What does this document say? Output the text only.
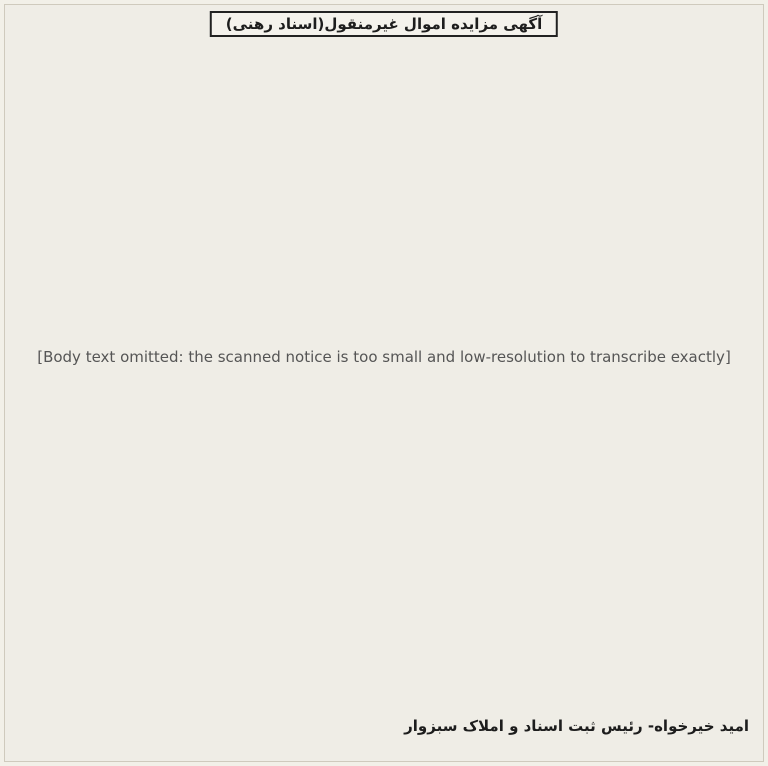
آگهی مزایده اموال غیرمنقول(اسناد رهنی)
[Body text omitted: the scanned notice is too small and low-resolution to transcribe exactly]
امید خیرخواه- رئیس ثبت اسناد و املاک سبزوار
